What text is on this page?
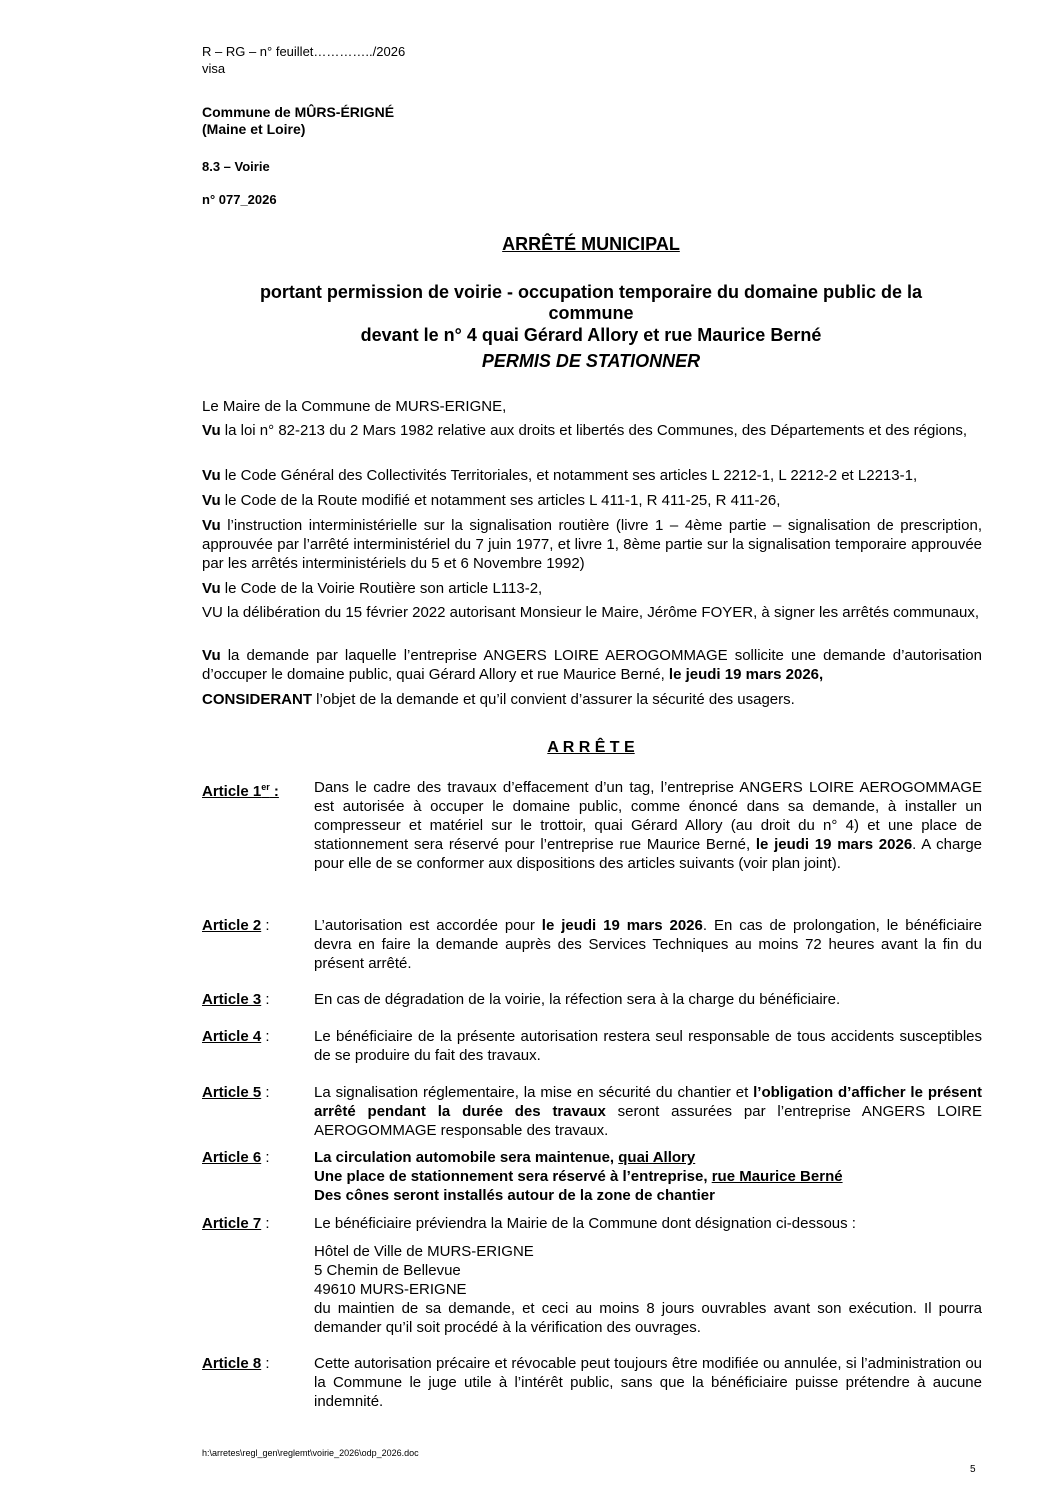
R – RG – n° feuillet…………../2026
visa
Commune de MÛRS-ÉRIGNÉ
(Maine et Loire)
8.3 – Voirie
n° 077_2026
ARRÊTÉ MUNICIPAL
portant permission de voirie - occupation temporaire du domaine public de la
commune
devant le n° 4 quai Gérard Allory et rue Maurice Berné
PERMIS DE STATIONNER
Le Maire de la Commune de MURS-ERIGNE,
Vu la loi n° 82-213 du 2 Mars 1982 relative aux droits et libertés des Communes, des Départements et des régions,
Vu le Code Général des Collectivités Territoriales, et notamment ses articles L 2212-1, L 2212-2 et L2213-1,
Vu le Code de la Route modifié et notamment ses articles L 411-1, R 411-25, R 411-26,
Vu l’instruction interministérielle sur la signalisation routière (livre 1 – 4ème partie – signalisation de prescription, approuvée par l’arrêté interministériel du 7 juin 1977, et livre 1, 8ème partie sur la signalisation temporaire approuvée par les arrêtés interministériels du 5 et 6 Novembre 1992)
Vu le Code de la Voirie Routière son article L113-2,
VU la délibération du 15 février 2022 autorisant Monsieur le Maire, Jérôme FOYER, à signer les arrêtés communaux,
Vu la demande par laquelle l’entreprise ANGERS LOIRE AEROGOMMAGE sollicite une demande d’autorisation d’occuper le domaine public, quai Gérard Allory et rue Maurice Berné, le jeudi 19 mars 2026,
CONSIDERANT l’objet de la demande et qu’il convient d’assurer la sécurité des usagers.
A R R Ê T E
Article 1er : Dans le cadre des travaux d’effacement d’un tag, l’entreprise ANGERS LOIRE AEROGOMMAGE est autorisée à occuper le domaine public, comme énoncé dans sa demande, à installer un compresseur et matériel sur le trottoir, quai Gérard Allory (au droit du n° 4) et une place de stationnement sera réservé pour l’entreprise rue Maurice Berné, le jeudi 19 mars 2026. A charge pour elle de se conformer aux dispositions des articles suivants (voir plan joint).
Article 2 :	L’autorisation est accordée pour le jeudi 19 mars 2026. En cas de prolongation, le bénéficiaire devra en faire la demande auprès des Services Techniques au moins 72 heures avant la fin du présent arrêté.
Article 3 :	En cas de dégradation de la voirie, la réfection sera à la charge du bénéficiaire.
Article 4 :	Le bénéficiaire de la présente autorisation restera seul responsable de tous accidents susceptibles de se produire du fait des travaux.
Article 5 :	La signalisation réglementaire, la mise en sécurité du chantier et l’obligation d’afficher le présent arrêté pendant la durée des travaux seront assurées par l’entreprise ANGERS LOIRE AEROGOMMAGE responsable des travaux.
Article 6 :	La circulation automobile sera maintenue, quai Allory
Une place de stationnement sera réservé à l’entreprise, rue Maurice Berné
Des cônes seront installés autour de la zone de chantier
Article 7 :	Le bénéficiaire préviendra la Mairie de la Commune dont désignation ci-dessous :
Hôtel de Ville de MURS-ERIGNE
5 Chemin de Bellevue
49610 MURS-ERIGNE
du maintien de sa demande, et ceci au moins 8 jours ouvrables avant son exécution. Il pourra demander qu’il soit procédé à la vérification des ouvrages.
Article 8 :	Cette autorisation précaire et révocable peut toujours être modifiée ou annulée, si l’administration ou la Commune le juge utile à l’intérêt public, sans que la bénéficiaire puisse prétendre à aucune indemnité.
h:\arretes\regl_gen\reglemt\voirie_2026\odp_2026.doc
5
